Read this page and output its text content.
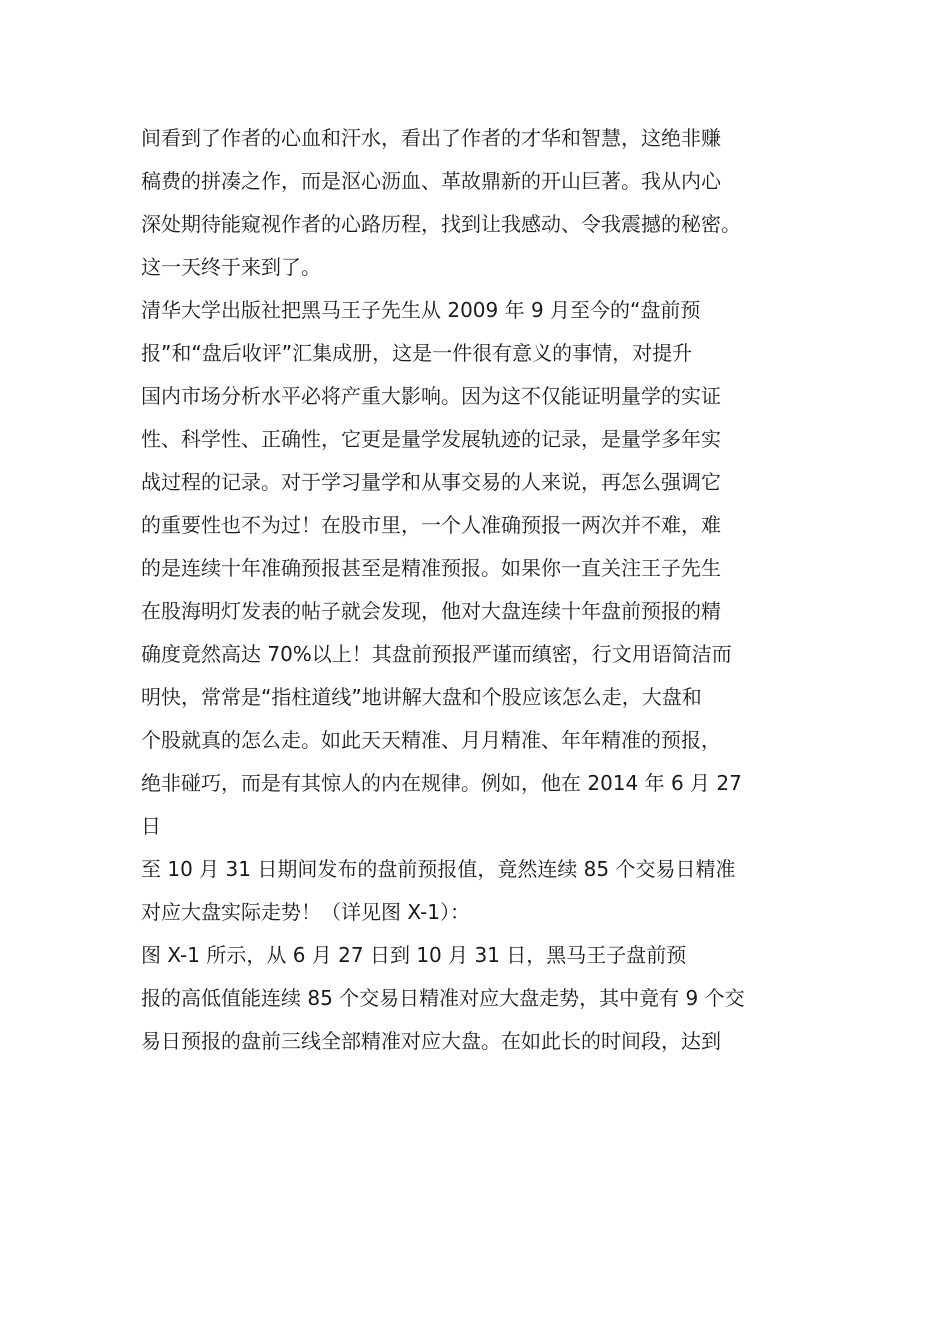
间看到了作者的心血和汗水，看出了作者的才华和智慧，这绝非赚
稿费的拼凑之作，而是沤心沥血、革故鼎新的开山巨著。我从内心
深处期待能窥视作者的心路历程，找到让我感动、令我震撼的秘密。
这一天终于来到了。
清华大学出版社把黑马王子先生从 2009 年 9 月至今的“盘前预
报”和“盘后收评”汇集成册，这是一件很有意义的事情，对提升
国内市场分析水平必将产重大影响。因为这不仅能证明量学的实证
性、科学性、正确性，它更是量学发展轨迹的记录，是量学多年实
战过程的记录。对于学习量学和从事交易的人来说，再怎么强调它
的重要性也不为过！在股市里，一个人准确预报一两次并不难，难
的是连续十年准确预报甚至是精准预报。如果你一直关注王子先生
在股海明灯发表的帖子就会发现，他对大盘连续十年盘前预报的精
确度竟然高达 70%以上！其盘前预报严谨而缜密，行文用语简洁而
明快，常常是“指柱道线”地讲解大盘和个股应该怎么走，大盘和
个股就真的怎么走。如此天天精准、月月精准、年年精准的预报，
绝非碰巧，而是有其惊人的内在规律。例如，他在 2014 年 6 月 27
日
至 10 月 31 日期间发布的盘前预报值，竟然连续 85 个交易日精准
对应大盘实际走势！（详见图 X-1）：
图 X-1 所示，从 6 月 27 日到 10 月 31 日，黑马王子盘前预
报的高低值能连续 85 个交易日精准对应大盘走势，其中竟有 9 个交
易日预报的盘前三线全部精准对应大盘。在如此长的时间段，达到
